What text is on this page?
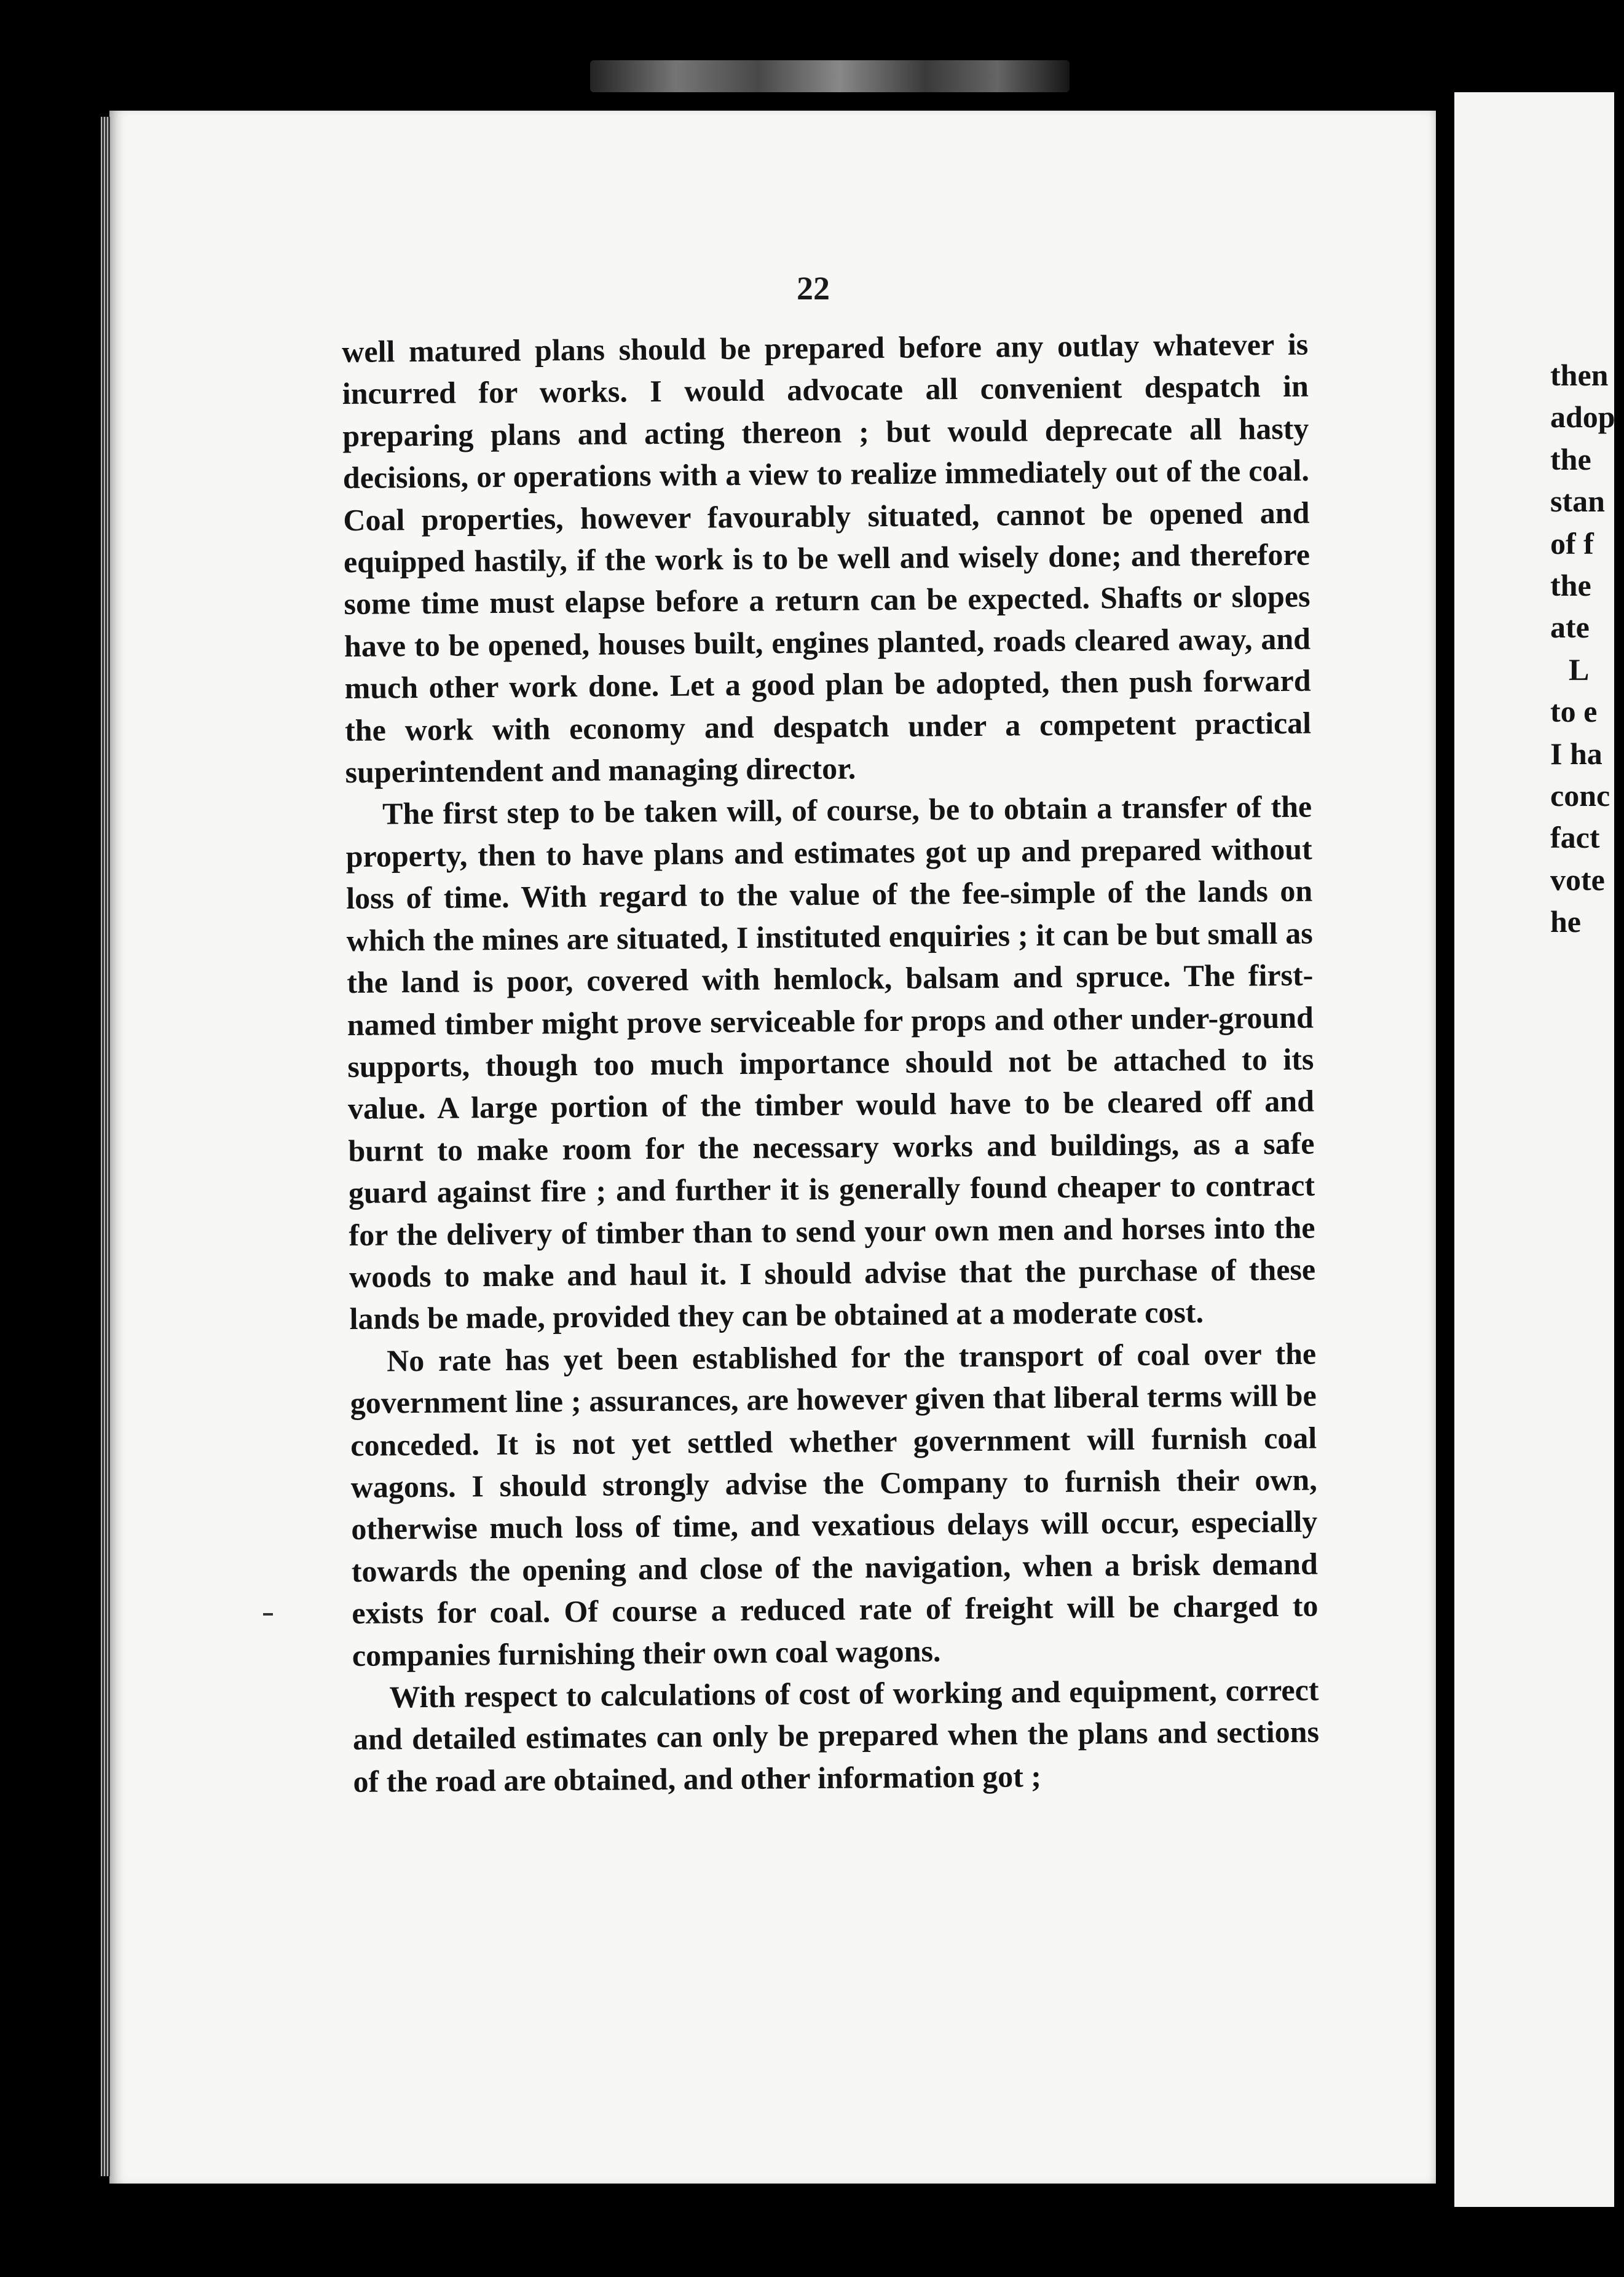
22

well matured plans should be prepared before any outlay whatever is incurred for works. I would advocate all convenient despatch in preparing plans and acting thereon ; but would deprecate all hasty decisions, or operations with a view to realize immediately out of the coal. Coal properties, however favourably situated, cannot be opened and equipped hastily, if the work is to be well and wisely done; and therefore some time must elapse before a return can be expected. Shafts or slopes have to be opened, houses built, engines planted, roads cleared away, and much other work done. Let a good plan be adopted, then push forward the work with economy and despatch under a competent practical superintendent and managing director.

The first step to be taken will, of course, be to obtain a transfer of the property, then to have plans and estimates got up and prepared without loss of time. With regard to the value of the fee-simple of the lands on which the mines are situated, I instituted enquiries ; it can be but small as the land is poor, covered with hemlock, balsam and spruce. The first-named timber might prove serviceable for props and other under-ground supports, though too much importance should not be attached to its value. A large portion of the timber would have to be cleared off and burnt to make room for the necessary works and buildings, as a safe guard against fire ; and further it is generally found cheaper to contract for the delivery of timber than to send your own men and horses into the woods to make and haul it. I should advise that the purchase of these lands be made, provided they can be obtained at a moderate cost.

No rate has yet been established for the transport of coal over the government line ; assurances, are however given that liberal terms will be conceded. It is not yet settled whether government will furnish coal wagons. I should strongly advise the Company to furnish their own, otherwise much loss of time, and vexatious delays will occur, especially towards the opening and close of the navigation, when a brisk demand exists for coal. Of course a reduced rate of freight will be charged to companies furnishing their own coal wagons.

With respect to calculations of cost of working and equipment, correct and detailed estimates can only be prepared when the plans and sections of the road are obtained, and other information got ;

then
adop
the
stan
of f
the
ate
L
to e
I ha
conc
fact
vote
he
